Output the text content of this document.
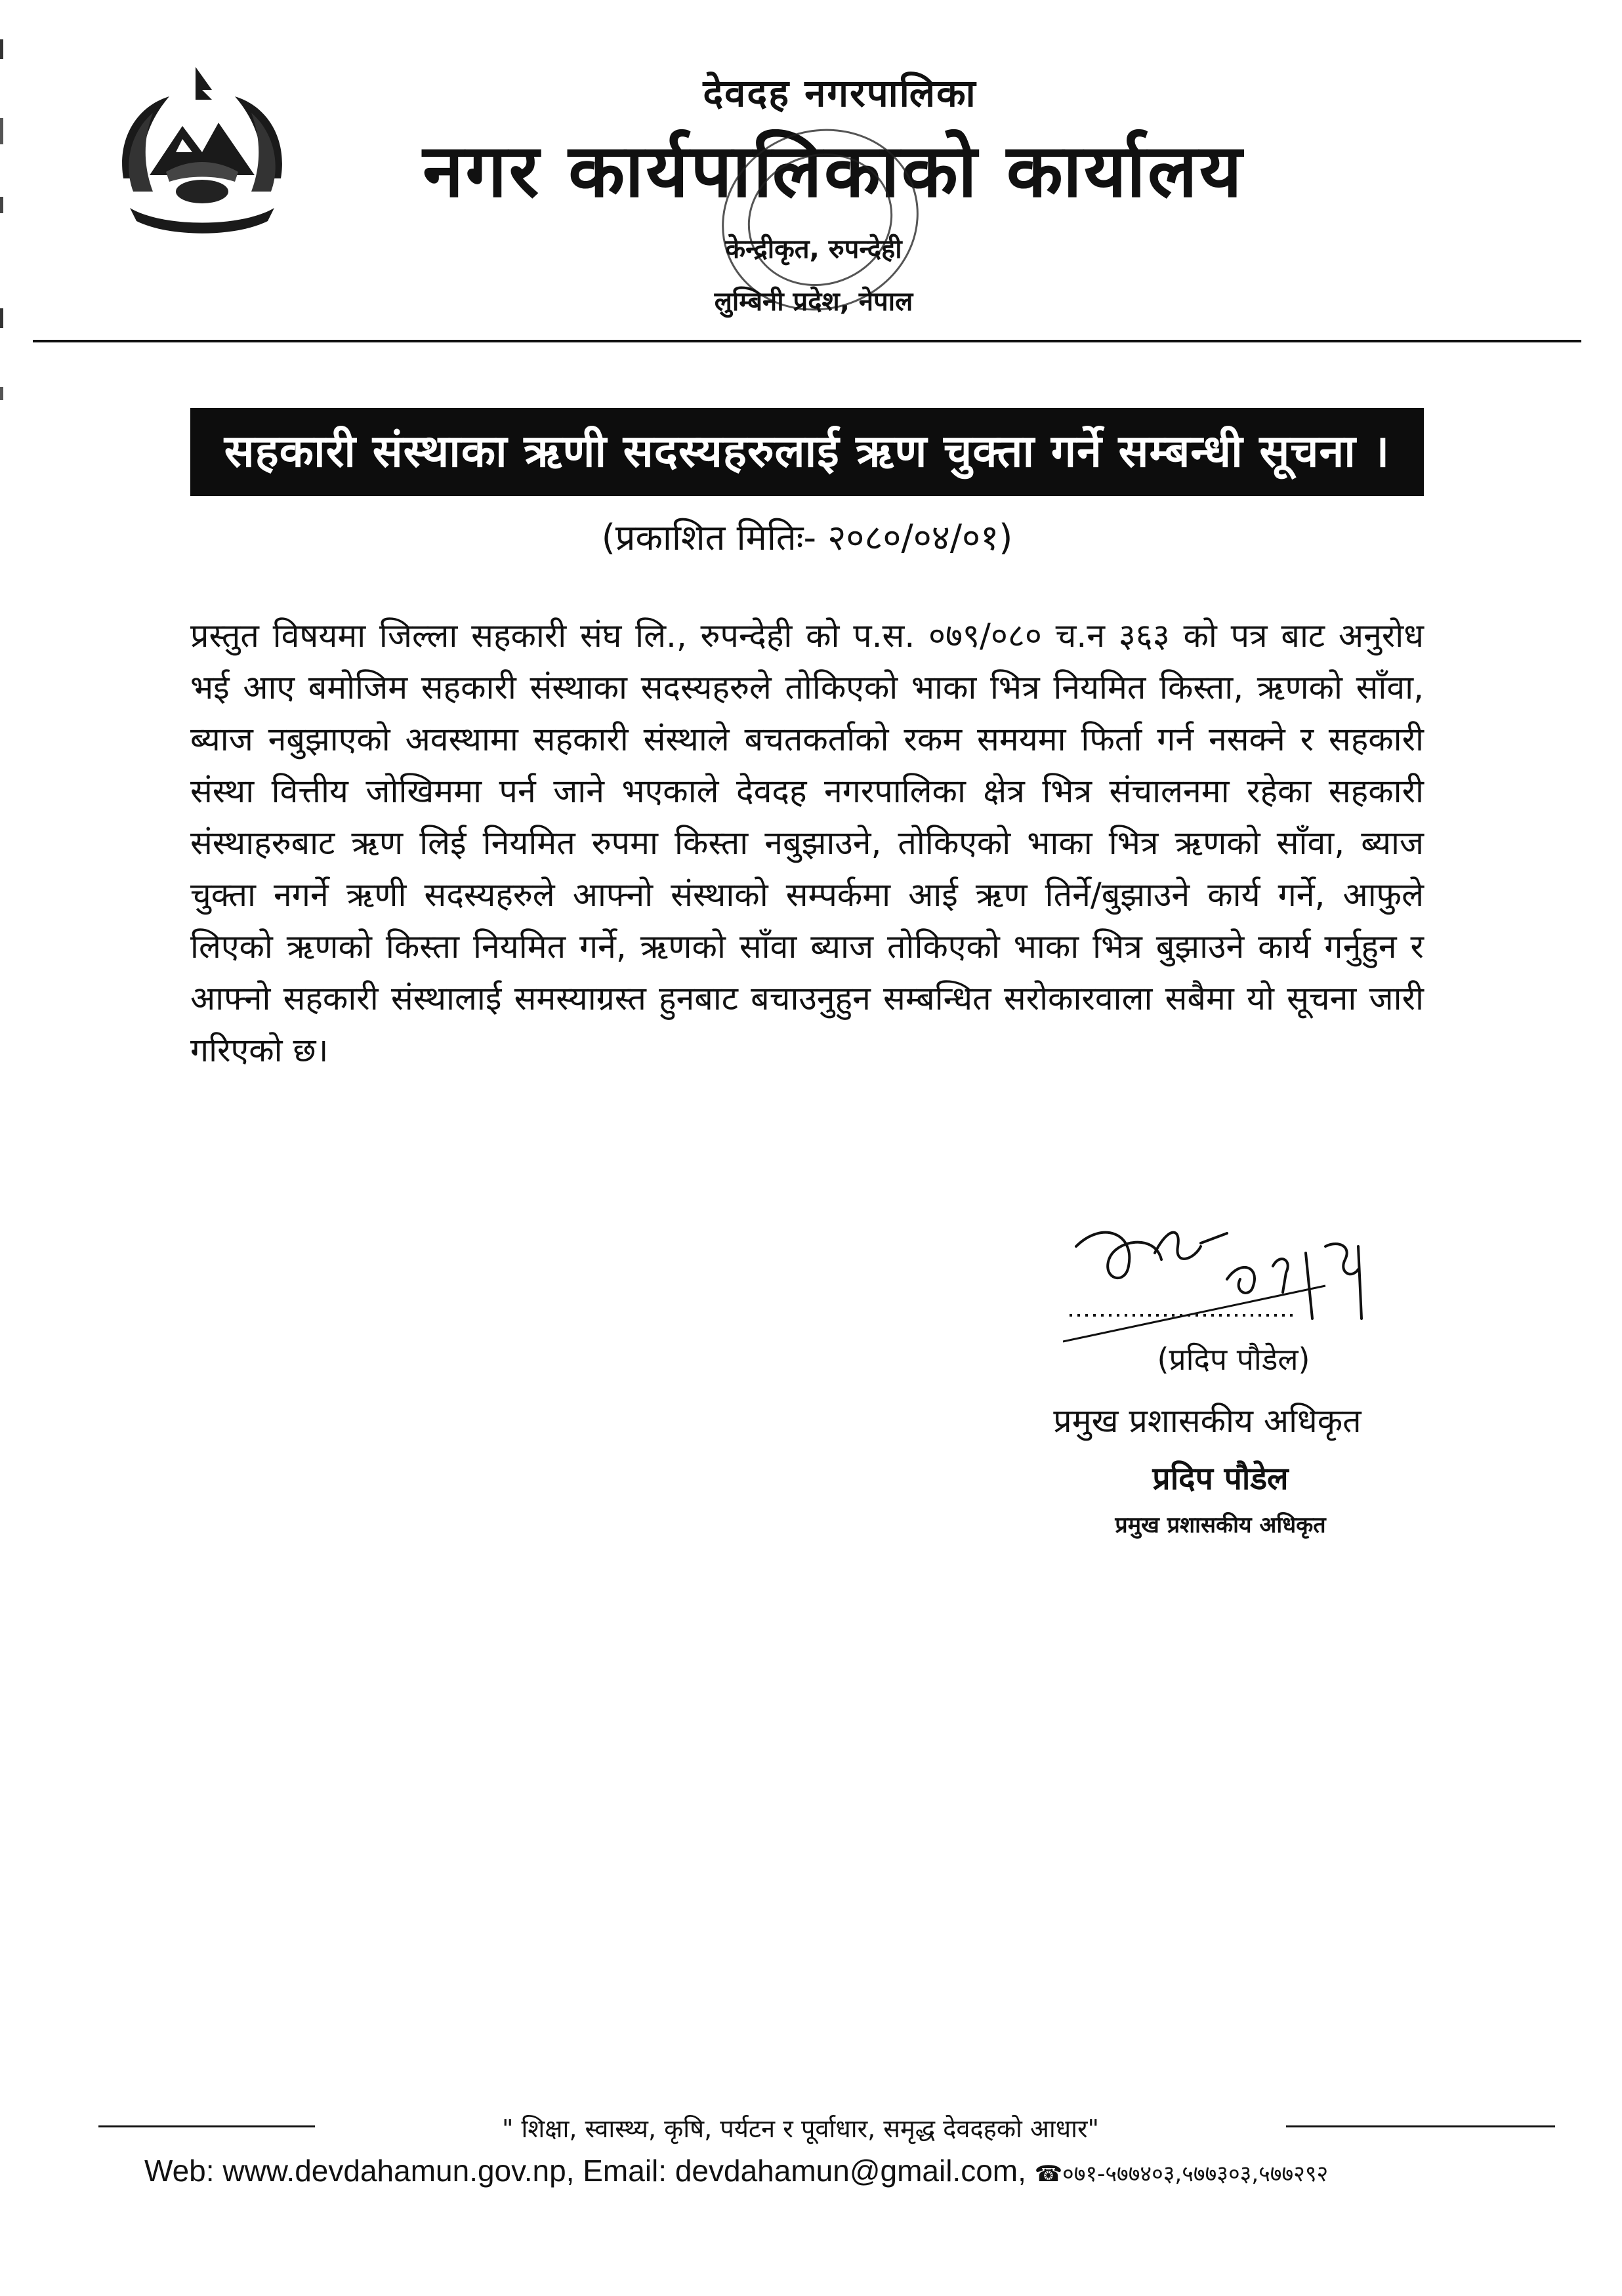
देवदह नगरपालिका
नगर कार्यपालिकाको कार्यालय
केन्द्रीकृत, रुपन्देही
लुम्बिनी प्रदेश, नेपाल
सहकारी संस्थाका ऋणी सदस्यहरुलाई ऋण चुक्ता गर्ने सम्बन्धी सूचना ।
(प्रकाशित मितिः- २०८०/०४/०१)

प्रस्तुत विषयमा जिल्ला सहकारी संघ लि., रुपन्देही को प.स. ०७९/०८० च.न ३६३ को पत्र बाट अनुरोध भई आए बमोजिम सहकारी संस्थाका सदस्यहरुले तोकिएको भाका भित्र नियमित किस्ता, ऋणको साँवा, ब्याज नबुझाएको अवस्थामा सहकारी संस्थाले बचतकर्ताको रकम समयमा फिर्ता गर्न नसक्ने र सहकारी संस्था वित्तीय जोखिममा पर्न जाने भएकाले देवदह नगरपालिका क्षेत्र भित्र संचालनमा रहेका सहकारी संस्थाहरुबाट ऋण लिई नियमित रुपमा किस्ता नबुझाउने, तोकिएको भाका भित्र ऋणको साँवा, ब्याज चुक्ता नगर्ने ऋणी सदस्यहरुले आफ्नो संस्थाको सम्पर्कमा आई ऋण तिर्ने/बुझाउने कार्य गर्ने, आफुले लिएको ऋणको किस्ता नियमित गर्ने, ऋणको साँवा ब्याज तोकिएको भाका भित्र बुझाउने कार्य गर्नुहुन र आफ्नो सहकारी संस्थालाई समस्याग्रस्त हुनबाट बचाउनुहुन सम्बन्धित सरोकारवाला सबैमा यो सूचना जारी गरिएको छ।

(प्रदिप पौडेल)
प्रमुख प्रशासकीय अधिकृत
प्रदिप पौडेल
प्रमुख प्रशासकीय अधिकृत
" शिक्षा, स्वास्थ्य, कृषि, पर्यटन र पूर्वाधार, समृद्ध देवदहको आधार"
Web: www.devdahamun.gov.np, Email: devdahamun@gmail.com, ☎०७१-५७७४०३,५७७३०३,५७७२९२
